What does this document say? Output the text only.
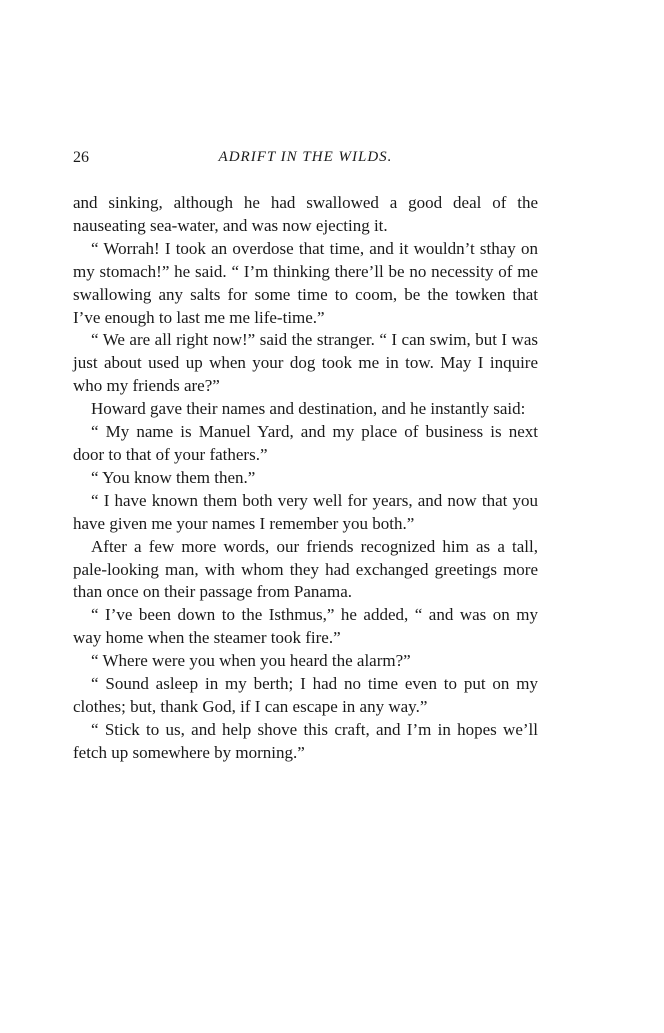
26	ADRIFT IN THE WILDS.

and sinking, although he had swallowed a good deal of the nauseating sea-water, and was now ejecting it.

“ Worrah! I took an overdose that time, and it wouldn’t sthay on my stomach!” he said. “ I’m thinking there’ll be no necessity of me swallowing any salts for some time to coom, be the towken that I’ve enough to last me me life-time.”

“ We are all right now!” said the stranger. “ I can swim, but I was just about used up when your dog took me in tow. May I inquire who my friends are?”

Howard gave their names and destination, and he instantly said:

“ My name is Manuel Yard, and my place of business is next door to that of your fathers.”

“ You know them then.”

“ I have known them both very well for years, and now that you have given me your names I remember you both.”

After a few more words, our friends recognized him as a tall, pale-looking man, with whom they had exchanged greetings more than once on their passage from Panama.

“ I’ve been down to the Isthmus,” he added, “ and was on my way home when the steamer took fire.”

“ Where were you when you heard the alarm?”

“ Sound asleep in my berth; I had no time even to put on my clothes; but, thank God, if I can escape in any way.”

“ Stick to us, and help shove this craft, and I’m in hopes we’ll fetch up somewhere by morning.”
